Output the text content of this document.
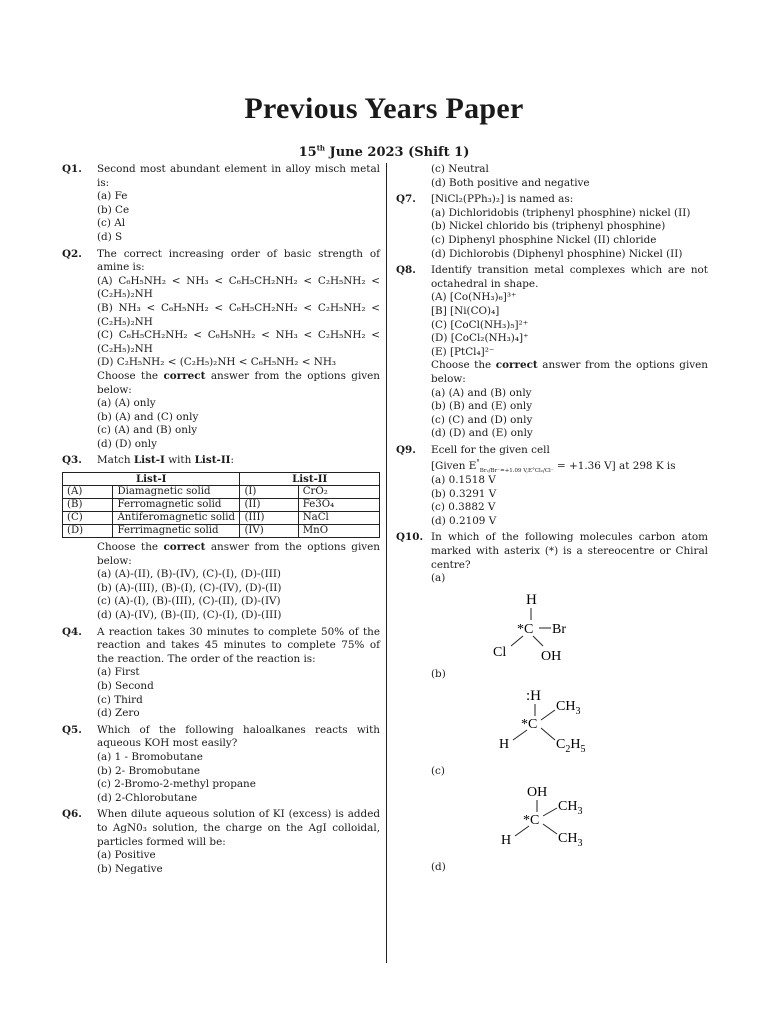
Previous Years Paper
15th June 2023 (Shift 1)
Q1.	Second most abundant element in alloy misch metal is:
(a) Fe
(b) Ce
(c) Al
(d) S
Q2.	The correct increasing order of basic strength of amine is:
(A) C₆H₅NH₂ < NH₃ < C₆H₅CH₂NH₂ < C₂H₅NH₂ < (C₂H₅)₂NH
(B) NH₃ < C₆H₅NH₂ < C₆H₅CH₂NH₂ < C₂H₅NH₂ < (C₂H₅)₂NH
(C) C₆H₅CH₂NH₂ < C₆H₅NH₂ < NH₃ < C₂H₅NH₂ < (C₂H₅)₂NH
(D) C₂H₅NH₂ < (C₂H₅)₂NH < C₆H₅NH₂ < NH₃
Choose the correct answer from the options given below:
(a) (A) only
(b) (A) and (C) only
(c) (A) and (B) only
(d) (D) only
Q3.	Match List-I with List-II:
List-I		List-II	
(A)	Diamagnetic solid	(I)	CrO₂
(B)	Ferromagnetic solid	(II)	Fe3O₄
(C)	Antiferomagnetic solid	(III)	NaCl
(D)	Ferrimagnetic solid	(IV)	MnO
Choose the correct answer from the options given below:
(a) (A)-(II), (B)-(IV), (C)-(I), (D)-(III)
(b) (A)-(III), (B)-(I), (C)-(IV), (D)-(II)
(c) (A)-(I), (B)-(III), (C)-(II), (D)-(IV)
(d) (A)-(IV), (B)-(II), (C)-(I), (D)-(III)
Q4.	A reaction takes 30 minutes to complete 50% of the reaction and takes 45 minutes to complete 75% of the reaction. The order of the reaction is:
(a) First
(b) Second
(c) Third
(d) Zero
Q5.	Which of the following haloalkanes reacts with aqueous KOH most easily?
(a) 1 - Bromobutane
(b) 2- Bromobutane
(c) 2-Bromo-2-methyl propane
(d) 2-Chlorobutane
Q6.	When dilute aqueous solution of KI (excess) is added to AgN0₃ solution, the charge on the AgI colloidal, particles formed will be:
(a) Positive
(b) Negative
(c) Neutral
(d) Both positive and negative
Q7.	[NiCl₂(PPh₃)₂] is named as:
(a) Dichloridobis (triphenyl phosphine) nickel (II)
(b) Nickel chlorido bis (triphenyl phosphine)
(c) Diphenyl phosphine Nickel (II) chloride
(d) Dichlorobis (Diphenyl phosphine) Nickel (II)
Q8.	Identify transition metal complexes which are not octahedral in shape.
(A) [Co(NH₃)₆]³⁺
[B] [Ni(CO)₄]
(C) [CoCl(NH₃)₅]²⁺
(D) [CoCl₂(NH₃)₄]⁺
(E) [PtCl₄]²⁻
Choose the correct answer from the options given below:
(a) (A) and (B) only
(b) (B) and (E) only
(c) (C) and (D) only
(d) (D) and (E) only
Q9.	Ecell for the given cell
[Given $E^\circ_{Br_2/Br^-=+1.09 V,E^\circ Cl_2/Cl^-} = +1.36$ V] at 298 K is
(a) 0.1518 V
(b) 0.3291 V
(c) 0.3882 V
(d) 0.2109 V
Q10. In which of the following molecules carbon atom marked with asterix (*) is a stereocentre or Chiral centre?
(a)
H
*C Br
Cl OH
(b)
:H
*C
$CH_3$
$C_2H_5$
H
(c)
OH
*C
$CH_3$
$CH_3$
H
(d)
